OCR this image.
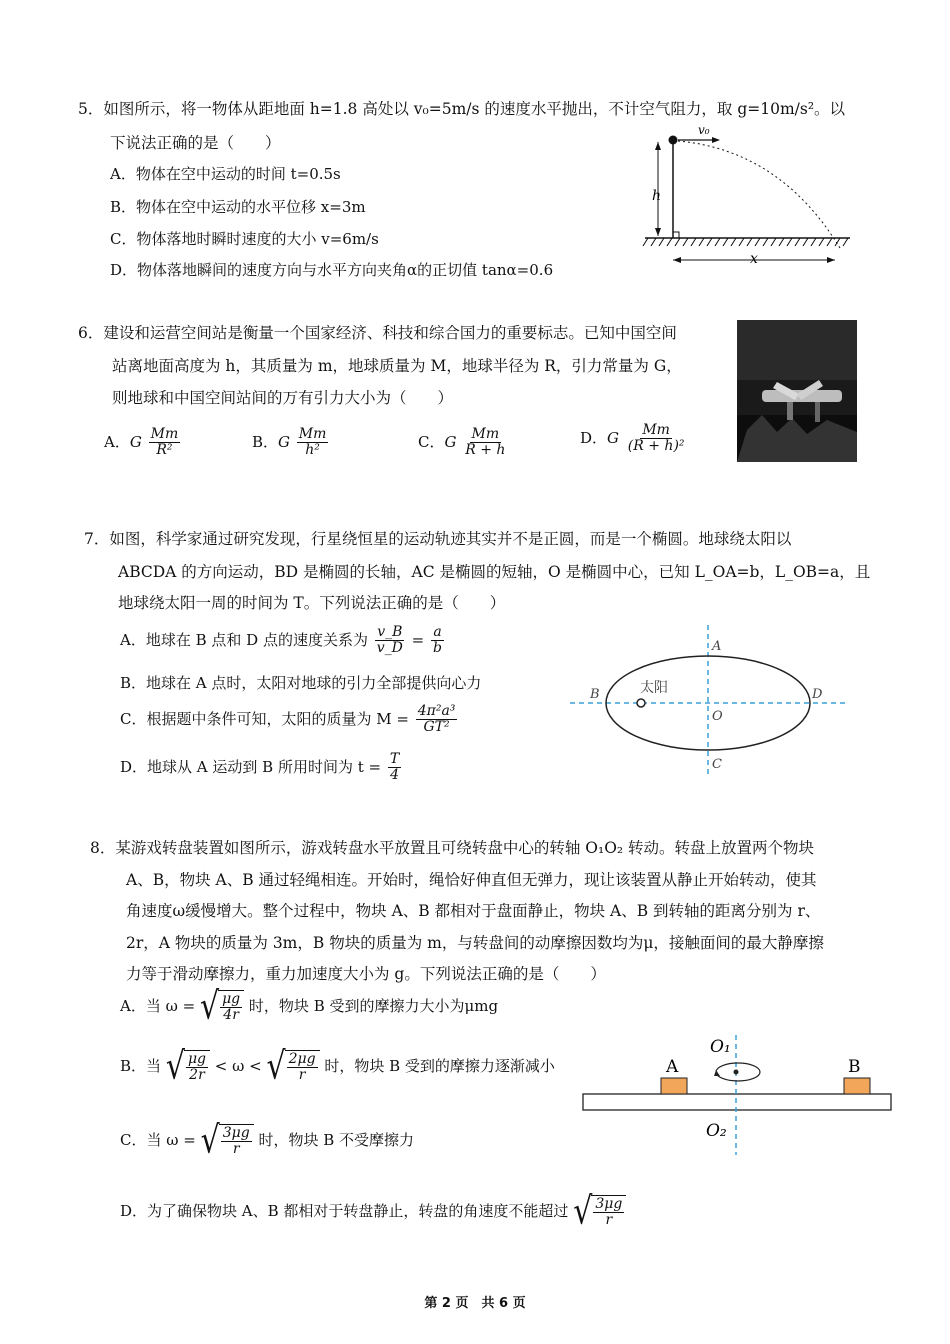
5．如图所示，将一物体从距地面 h=1.8 高处以 v₀=5m/s 的速度水平抛出，不计空气阻力，取 g=10m/s²。以
下说法正确的是（　　）
A．物体在空中运动的时间 t=0.5s
B．物体在空中运动的水平位移 x=3m
C．物体落地时瞬时速度的大小 v=6m/s
D．物体落地瞬间的速度方向与水平方向夹角α的正切值 tanα=0.6
v₀
h
x
6．建设和运营空间站是衡量一个国家经济、科技和综合国力的重要标志。已知中国空间
站离地面高度为 h，其质量为 m，地球质量为 M，地球半径为 R，引力常量为 G，
则地球和中国空间站间的万有引力大小为（　　）
A．G $\frac{Mm}{\text{R²}}$	B．G $\frac{Mm}{\text{h²}}$	C．G $\frac{Mm}{R + h}$	D．G $\frac{Mm}{\text{(R + h)²}}$
7．如图，科学家通过研究发现，行星绕恒星的运动轨迹其实并不是正圆，而是一个椭圆。地球绕太阳以
ABCDA 的方向运动，BD 是椭圆的长轴，AC 是椭圆的短轴，O 是椭圆中心，已知 L_OA=b，L_OB=a，且
地球绕太阳一周的时间为 T。下列说法正确的是（　　）
A．地球在 B 点和 D 点的速度关系为 $\frac{v\_B}{v\_D} = \frac{a}{b}$
B．地球在 A 点时，太阳对地球的引力全部提供向心力
C．根据题中条件可知，太阳的质量为 $M = \frac{\text{4π²a³}}{\text{GT²}}$
D．地球从 A 运动到 B 所用时间为 $t = \frac{T}{4}$
太阳
A
B
C
D
O
8．某游戏转盘装置如图所示，游戏转盘水平放置且可绕转盘中心的转轴 O₁O₂ 转动。转盘上放置两个物块
A、B，物块 A、B 通过轻绳相连。开始时，绳恰好伸直但无弹力，现让该装置从静止开始转动，使其
角速度ω缓慢增大。整个过程中，物块 A、B 都相对于盘面静止，物块 A、B 到转轴的距离分别为 r、
2r，A 物块的质量为 3m，B 物块的质量为 m，与转盘间的动摩擦因数均为μ，接触面间的最大静摩擦
力等于滑动摩擦力，重力加速度大小为 g。下列说法正确的是（　　）
A．当 ω = √ $\frac{\mu g}{4r}$ 时，物块 B 受到的摩擦力大小为μmg
B．当 √ $\frac{\mu g}{2r} < \omega$ < √ $\frac{2\mu g}{r}$ 时，物块 B 受到的摩擦力逐渐减小
C．当 ω = √ $\frac{3\mu g}{r}$ 时，物块 B 不受摩擦力
D．为了确保物块 A、B 都相对于转盘静止，转盘的角速度不能超过 √ $\frac{3\mu g}{r}$
A	B
O₁
O₂
第 2 页　共 6 页
